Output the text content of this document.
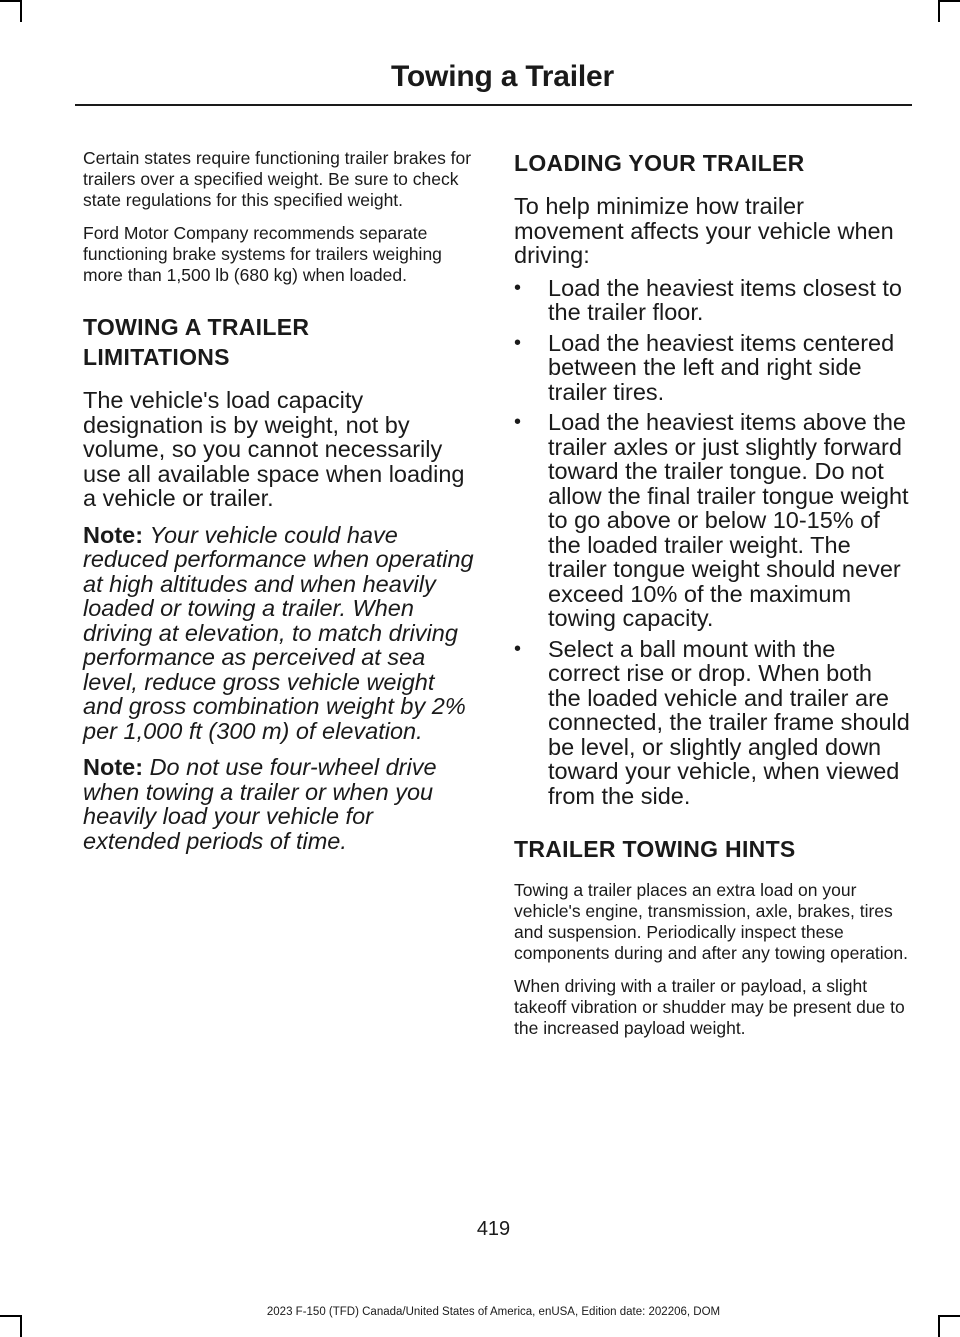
Towing a Trailer

Certain states require functioning trailer brakes for trailers over a specified weight. Be sure to check state regulations for this specified weight.

Ford Motor Company recommends separate functioning brake systems for trailers weighing more than 1,500 lb (680 kg) when loaded.

TOWING A TRAILER
LIMITATIONS

The vehicle's load capacity designation is by weight, not by volume, so you cannot necessarily use all available space when loading a vehicle or trailer.

Note: Your vehicle could have reduced performance when operating at high altitudes and when heavily loaded or towing a trailer. When driving at elevation, to match driving performance as perceived at sea level, reduce gross vehicle weight and gross combination weight by 2% per 1,000 ft (300 m) of elevation.

Note: Do not use four-wheel drive when towing a trailer or when you heavily load your vehicle for extended periods of time.

LOADING YOUR TRAILER

To help minimize how trailer movement affects your vehicle when driving:

• Load the heaviest items closest to the trailer floor.
• Load the heaviest items centered between the left and right side trailer tires.
• Load the heaviest items above the trailer axles or just slightly forward toward the trailer tongue. Do not allow the final trailer tongue weight to go above or below 10-15% of the loaded trailer weight. The trailer tongue weight should never exceed 10% of the maximum towing capacity.
• Select a ball mount with the correct rise or drop. When both the loaded vehicle and trailer are connected, the trailer frame should be level, or slightly angled down toward your vehicle, when viewed from the side.
TRAILER TOWING HINTS

Towing a trailer places an extra load on your vehicle's engine, transmission, axle, brakes, tires and suspension. Periodically inspect these components during and after any towing operation.

When driving with a trailer or payload, a slight takeoff vibration or shudder may be present due to the increased payload weight.

419
2023 F-150 (TFD) Canada/United States of America, enUSA, Edition date: 202206, DOM
